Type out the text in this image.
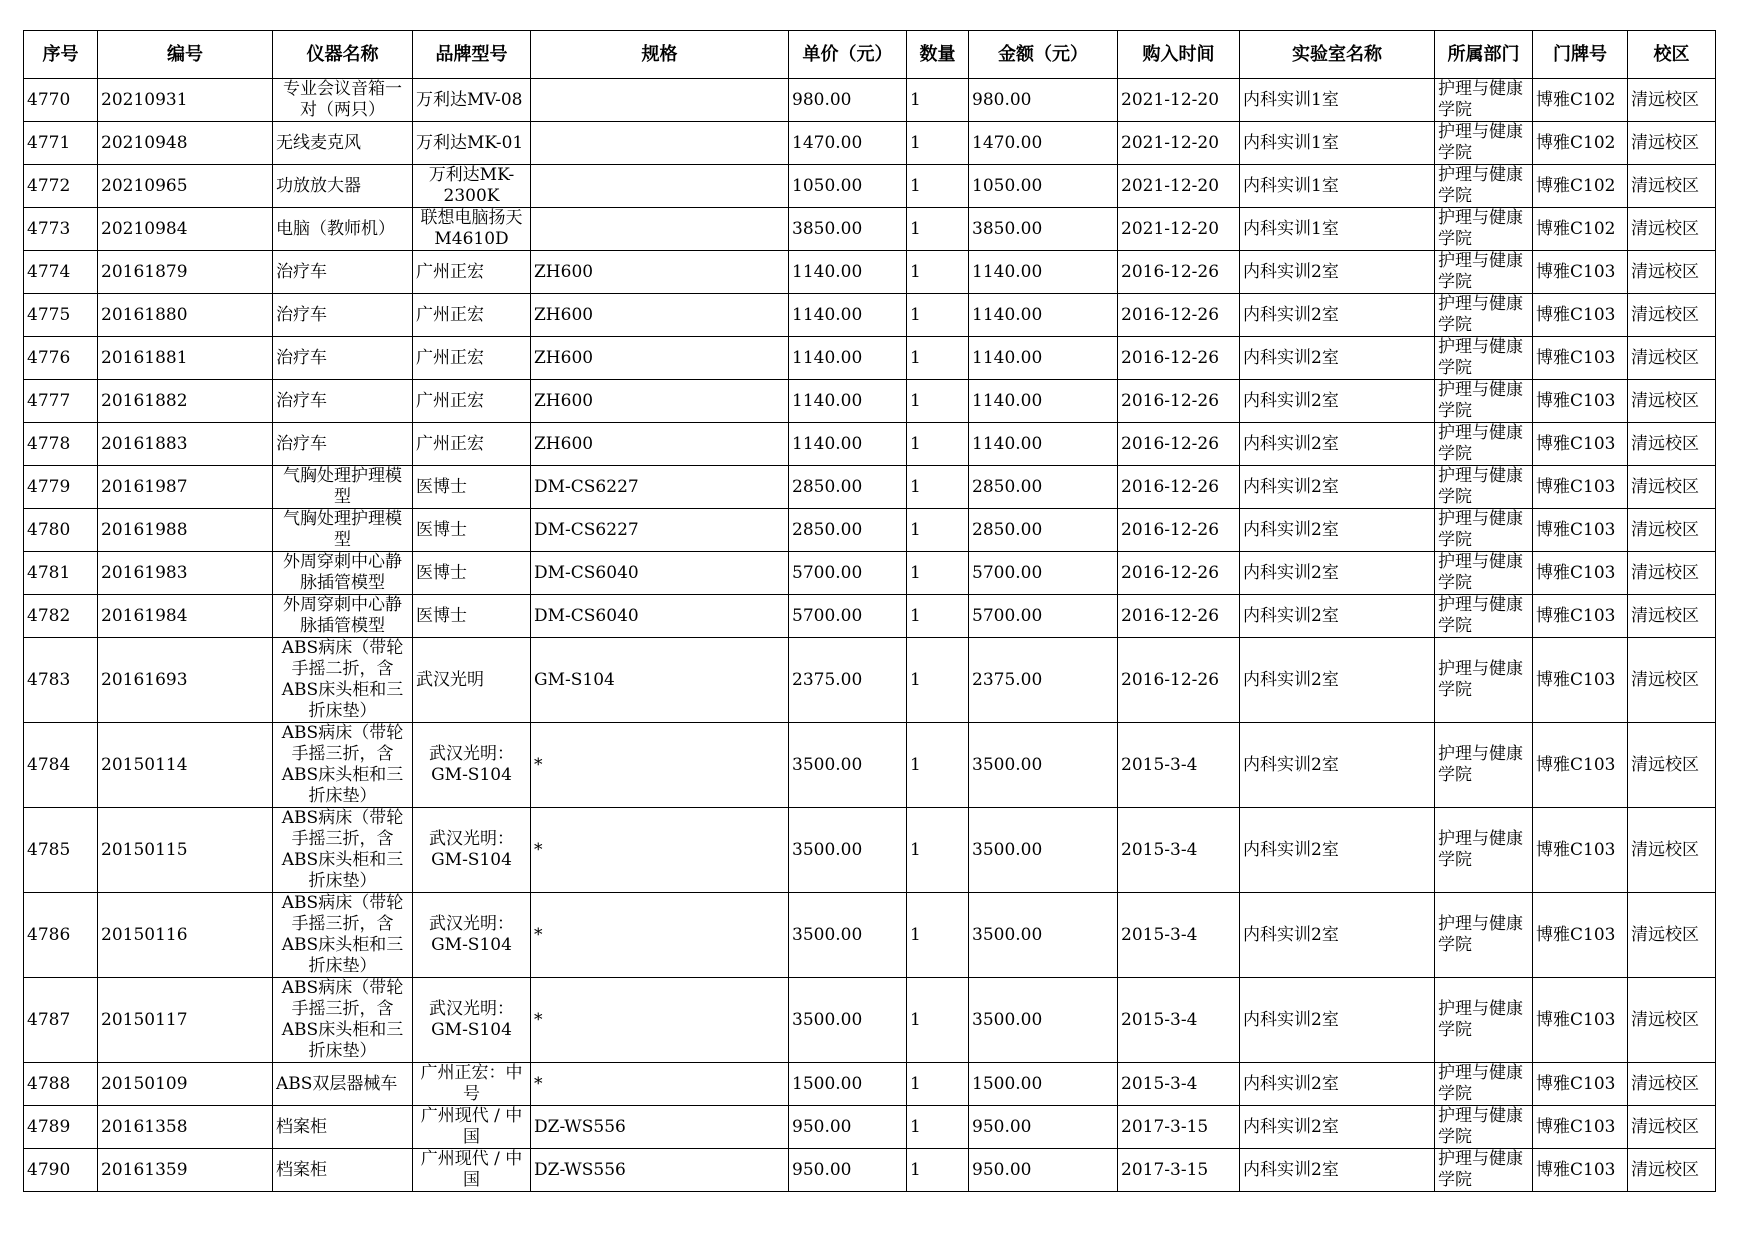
序号	编号	仪器名称	品牌型号	规格	单价（元）	数量	金额（元）	购入时间	实验室名称	所属部门	门牌号	校区

4770	20210931	专业会议音箱一对（两只）	万利达MV-08		980.00	1	980.00	2021-12-20	内科实训1室	护理与健康学院	博雅C102	清远校区

4771	20210948	无线麦克风	万利达MK-01		1470.00	1	1470.00	2021-12-20	内科实训1室	护理与健康学院	博雅C102	清远校区

4772	20210965	功放放大器	万利达MK-2300K		1050.00	1	1050.00	2021-12-20	内科实训1室	护理与健康学院	博雅C102	清远校区

4773	20210984	电脑（教师机）	联想电脑扬天M4610D		3850.00	1	3850.00	2021-12-20	内科实训1室	护理与健康学院	博雅C102	清远校区

4774	20161879	治疗车	广州正宏	ZH600	1140.00	1	1140.00	2016-12-26	内科实训2室	护理与健康学院	博雅C103	清远校区

4775	20161880	治疗车	广州正宏	ZH600	1140.00	1	1140.00	2016-12-26	内科实训2室	护理与健康学院	博雅C103	清远校区

4776	20161881	治疗车	广州正宏	ZH600	1140.00	1	1140.00	2016-12-26	内科实训2室	护理与健康学院	博雅C103	清远校区

4777	20161882	治疗车	广州正宏	ZH600	1140.00	1	1140.00	2016-12-26	内科实训2室	护理与健康学院	博雅C103	清远校区

4778	20161883	治疗车	广州正宏	ZH600	1140.00	1	1140.00	2016-12-26	内科实训2室	护理与健康学院	博雅C103	清远校区

4779	20161987	气胸处理护理模型	医博士	DM-CS6227	2850.00	1	2850.00	2016-12-26	内科实训2室	护理与健康学院	博雅C103	清远校区

4780	20161988	气胸处理护理模型	医博士	DM-CS6227	2850.00	1	2850.00	2016-12-26	内科实训2室	护理与健康学院	博雅C103	清远校区

4781	20161983	外周穿刺中心静脉插管模型	医博士	DM-CS6040	5700.00	1	5700.00	2016-12-26	内科实训2室	护理与健康学院	博雅C103	清远校区

4782	20161984	外周穿刺中心静脉插管模型	医博士	DM-CS6040	5700.00	1	5700.00	2016-12-26	内科实训2室	护理与健康学院	博雅C103	清远校区

4783	20161693	ABS病床（带轮手摇二折，含ABS床头柜和三折床垫）	武汉光明	GM-S104	2375.00	1	2375.00	2016-12-26	内科实训2室	护理与健康学院	博雅C103	清远校区

4784	20150114	ABS病床（带轮手摇三折，含ABS床头柜和三折床垫）	武汉光明：GM-S104	*	3500.00	1	3500.00	2015-3-4	内科实训2室	护理与健康学院	博雅C103	清远校区

4785	20150115	ABS病床（带轮手摇三折，含ABS床头柜和三折床垫）	武汉光明：GM-S104	*	3500.00	1	3500.00	2015-3-4	内科实训2室	护理与健康学院	博雅C103	清远校区

4786	20150116	ABS病床（带轮手摇三折，含ABS床头柜和三折床垫）	武汉光明：GM-S104	*	3500.00	1	3500.00	2015-3-4	内科实训2室	护理与健康学院	博雅C103	清远校区

4787	20150117	ABS病床（带轮手摇三折，含ABS床头柜和三折床垫）	武汉光明：GM-S104	*	3500.00	1	3500.00	2015-3-4	内科实训2室	护理与健康学院	博雅C103	清远校区

4788	20150109	ABS双层器械车	广州正宏：中号	*	1500.00	1	1500.00	2015-3-4	内科实训2室	护理与健康学院	博雅C103	清远校区

4789	20161358	档案柜	广州现代 / 中国	DZ-WS556	950.00	1	950.00	2017-3-15	内科实训2室	护理与健康学院	博雅C103	清远校区

4790	20161359	档案柜	广州现代 / 中国	DZ-WS556	950.00	1	950.00	2017-3-15	内科实训2室	护理与健康学院	博雅C103	清远校区
